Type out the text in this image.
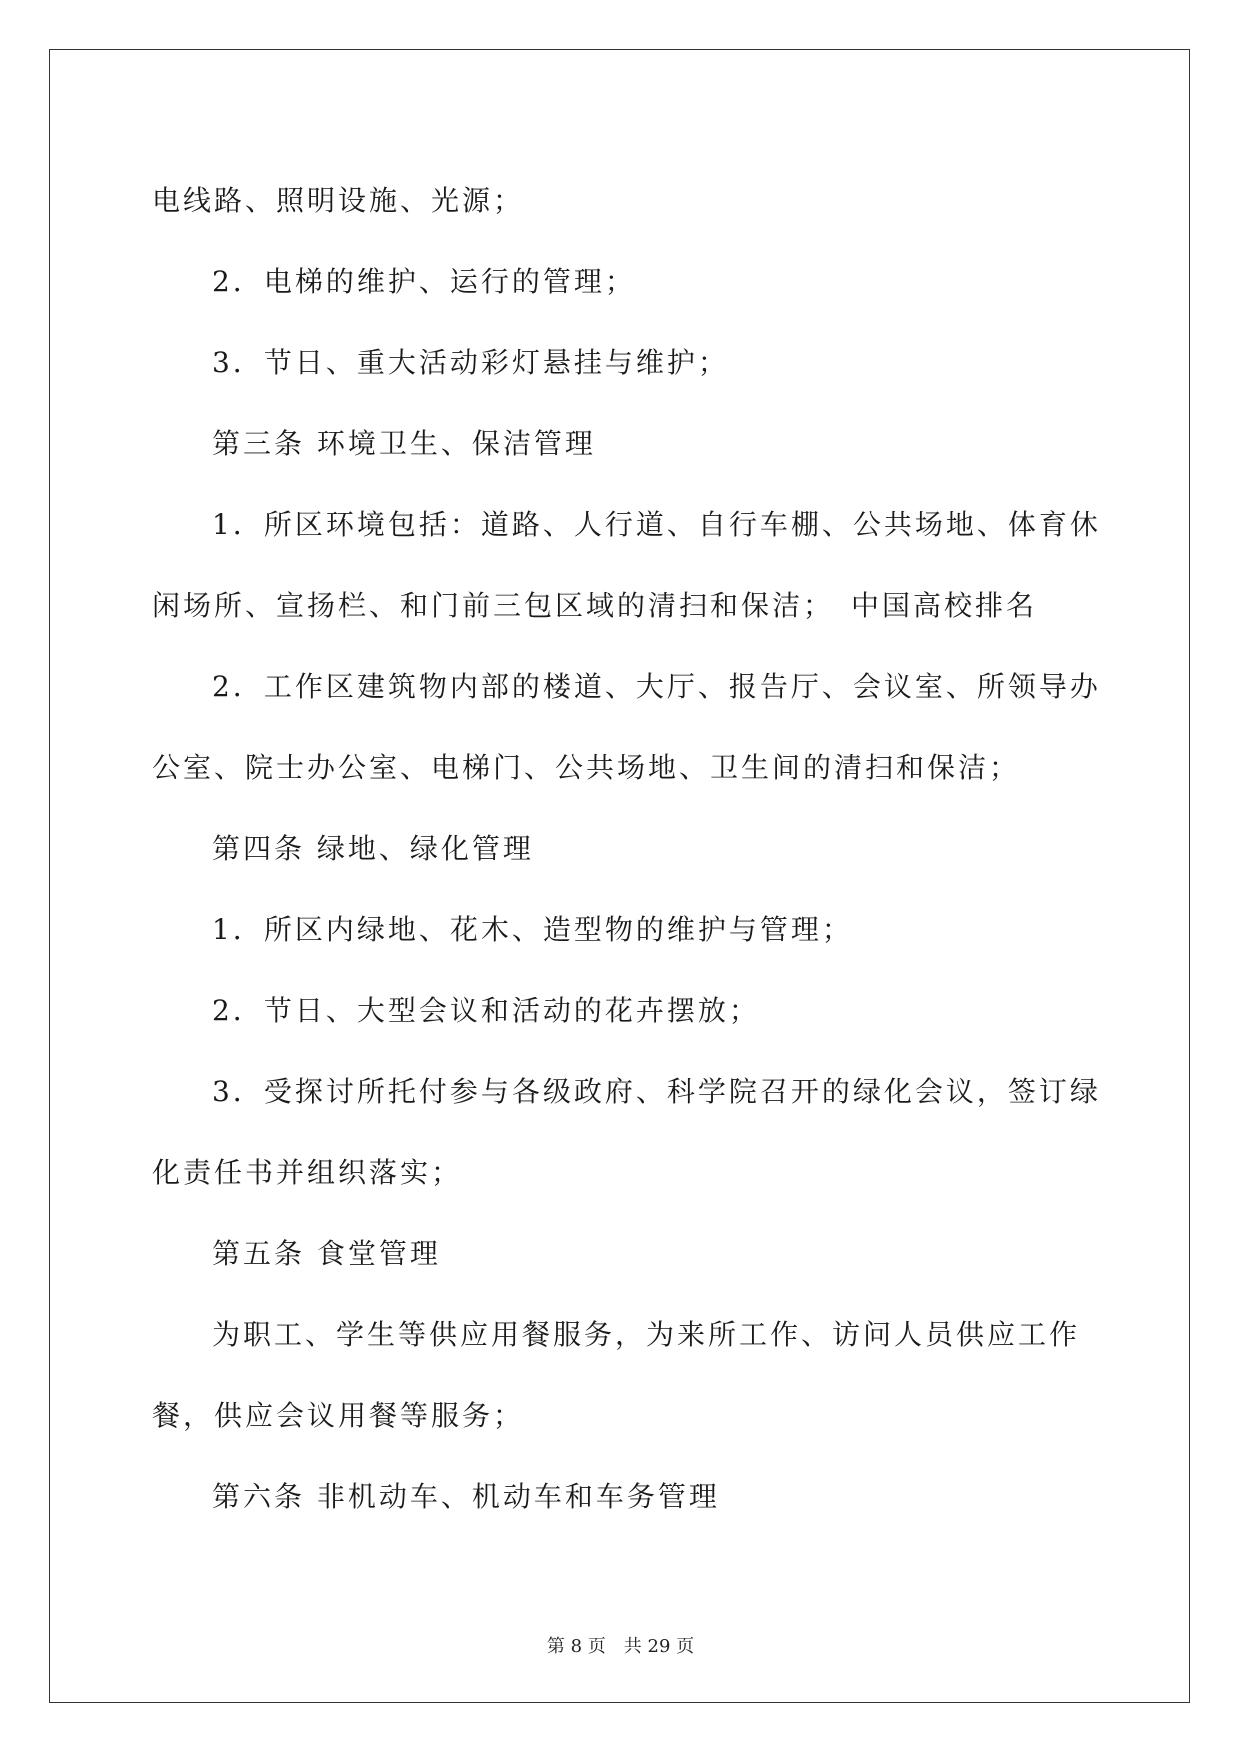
电线路、照明设施、光源；

2．电梯的维护、运行的管理；

3．节日、重大活动彩灯悬挂与维护；

第三条 环境卫生、保洁管理

1．所区环境包括：道路、人行道、自行车棚、公共场地、体育休

闲场所、宣扬栏、和门前三包区域的清扫和保洁；　中国高校排名

2．工作区建筑物内部的楼道、大厅、报告厅、会议室、所领导办

公室、院士办公室、电梯门、公共场地、卫生间的清扫和保洁；

第四条 绿地、绿化管理

1．所区内绿地、花木、造型物的维护与管理；

2．节日、大型会议和活动的花卉摆放；

3．受探讨所托付参与各级政府、科学院召开的绿化会议，签订绿

化责任书并组织落实；

第五条 食堂管理

为职工、学生等供应用餐服务，为来所工作、访问人员供应工作

餐，供应会议用餐等服务；

第六条 非机动车、机动车和车务管理

第 8 页　共 29 页
